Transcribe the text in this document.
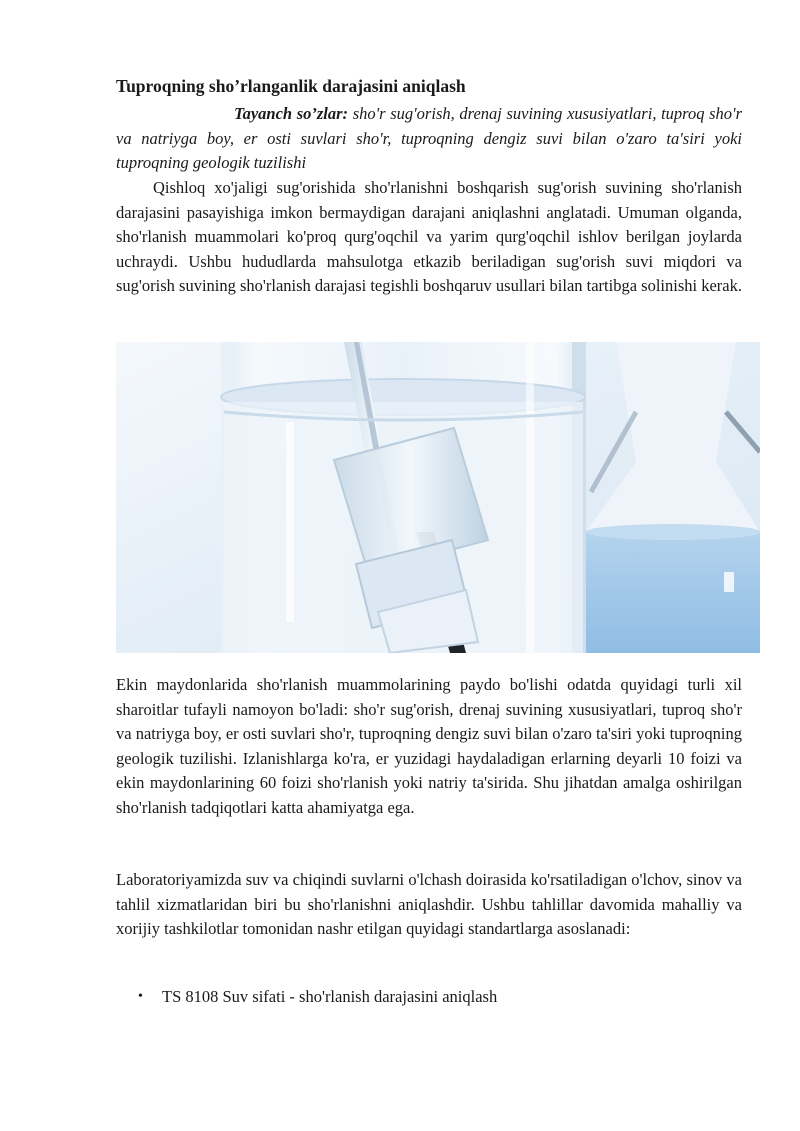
Tuproqning sho’rlanganlik darajasini aniqlash
Tayanch so’zlar: sho'r sug'orish, drenaj suvining xususiyatlari, tuproq sho'r va natriyga boy, er osti suvlari sho'r, tuproqning dengiz suvi bilan o'zaro ta'siri yoki tuproqning geologik tuzilishi
Qishloq xo'jaligi sug'orishida sho'rlanishni boshqarish sug'orish suvining sho'rlanish darajasini pasayishiga imkon bermaydigan darajani aniqlashni anglatadi. Umuman olganda, sho'rlanish muammolari ko'proq qurg'oqchil va yarim qurg'oqchil ishlov berilgan joylarda uchraydi. Ushbu hududlarda mahsulotga etkazib beriladigan sug'orish suvi miqdori va sug'orish suvining sho'rlanish darajasi tegishli boshqaruv usullari bilan tartibga solinishi kerak.
Ekin maydonlarida sho'rlanish muammolarining paydo bo'lishi odatda quyidagi turli xil sharoitlar tufayli namoyon bo'ladi: sho'r sug'orish, drenaj suvining xususiyatlari, tuproq sho'r va natriyga boy, er osti suvlari sho'r, tuproqning dengiz suvi bilan o'zaro ta'siri yoki tuproqning geologik tuzilishi. Izlanishlarga ko'ra, er yuzidagi haydaladigan erlarning deyarli 10 foizi va ekin maydonlarining 60 foizi sho'rlanish yoki natriy ta'sirida. Shu jihatdan amalga oshirilgan sho'rlanish tadqiqotlari katta ahamiyatga ega.
Laboratoriyamizda suv va chiqindi suvlarni o'lchash doirasida ko'rsatiladigan o'lchov, sinov va tahlil xizmatlaridan biri bu sho'rlanishni aniqlashdir. Ushbu tahlillar davomida mahalliy va xorijiy tashkilotlar tomonidan nashr etilgan quyidagi standartlarga asoslanadi:
• TS 8108 Suv sifati - sho'rlanish darajasini aniqlash
